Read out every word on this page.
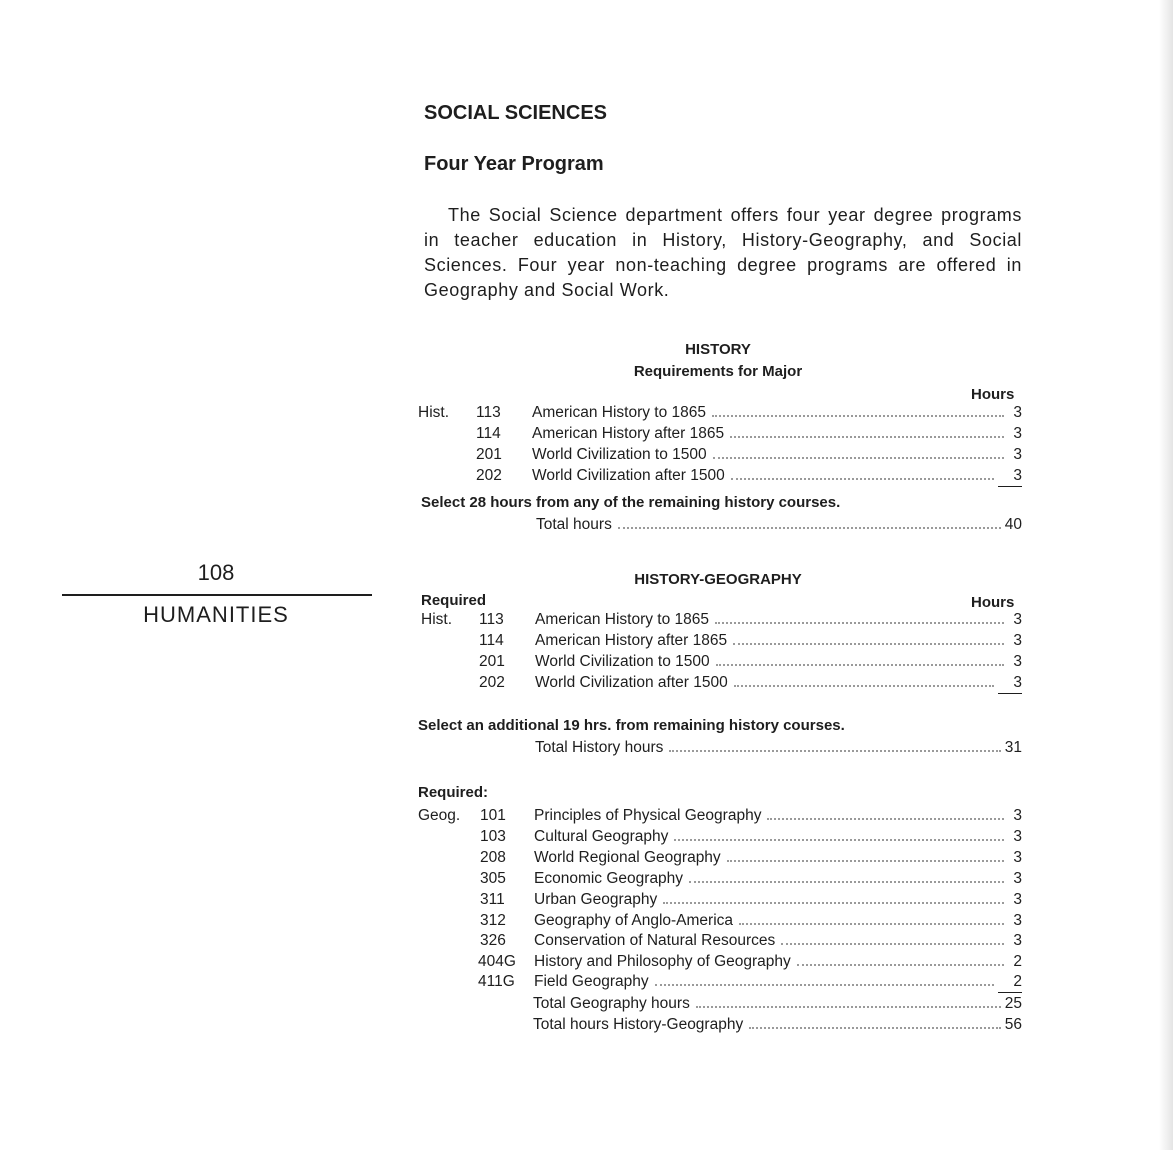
108
HUMANITIES
SOCIAL SCIENCES
Four Year Program

The Social Science department offers four year degree programs in teacher education in History, History-Geography, and Social Sciences. Four year non-teaching degree programs are offered in Geography and Social Work.

HISTORY
Requirements for Major
Hours
Hist. 113 American History to 1865	3
114 American History after 1865	3
201 World Civilization to 1500	3
202 World Civilization after 1500	3
Select 28 hours from any of the remaining history courses.
Total hours	40
HISTORY-GEOGRAPHY
Required	Hours
Hist. 113 American History to 1865	3
114 American History after 1865	3
201 World Civilization to 1500	3
202 World Civilization after 1500	3
Select an additional 19 hrs. from remaining history courses.
Total History hours	31
Required:
Geog. 101 Principles of Physical Geography	3
103 Cultural Geography	3
208 World Regional Geography	3
305 Economic Geography	3
311 Urban Geography	3
312 Geography of Anglo-America	3
326 Conservation of Natural Resources	3
404G History and Philosophy of Geography	2
411G Field Geography	2
Total Geography hours	25
Total hours History-Geography	56
